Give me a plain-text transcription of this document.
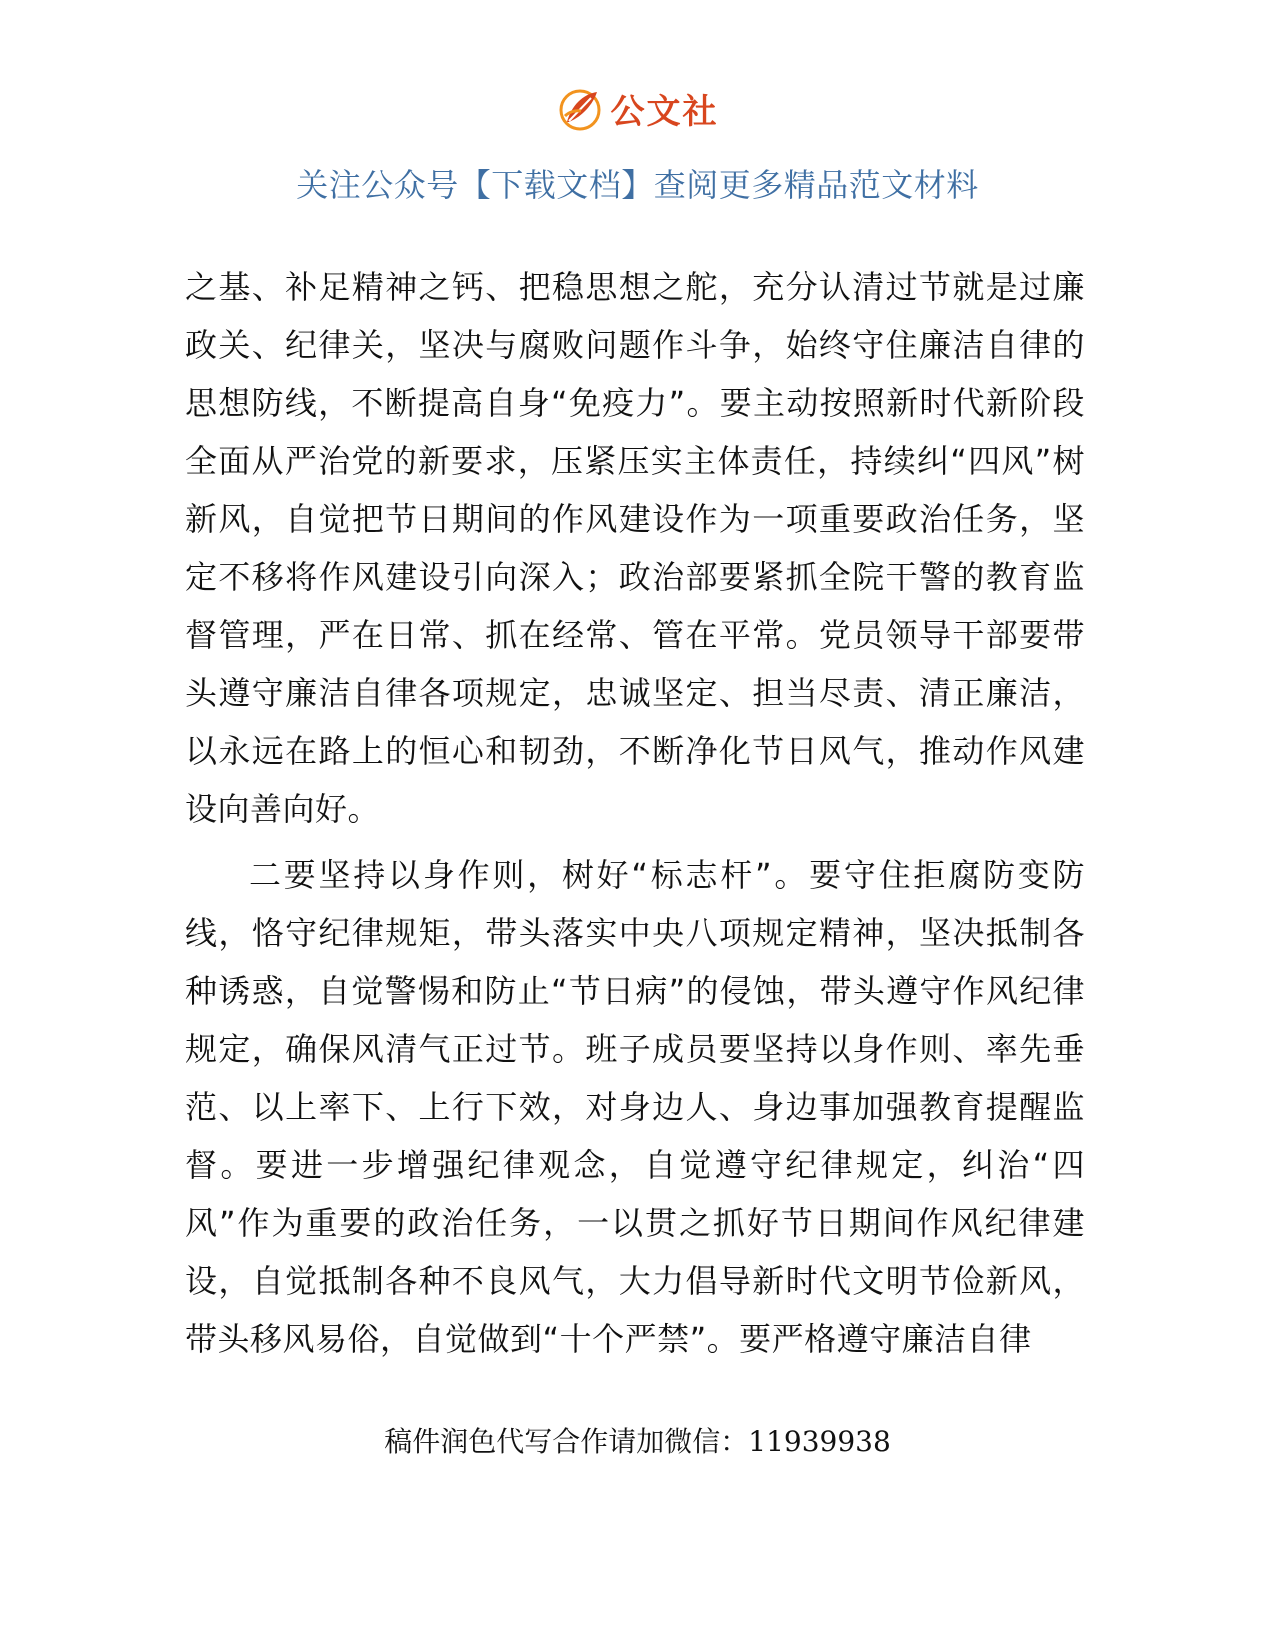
公文社
关注公众号【下载文档】查阅更多精品范文材料

之基、补足精神之钙、把稳思想之舵，充分认清过节就是过廉政关、纪律关，坚决与腐败问题作斗争，始终守住廉洁自律的思想防线，不断提高自身“免疫力”。要主动按照新时代新阶段全面从严治党的新要求，压紧压实主体责任，持续纠“四风”树新风，自觉把节日期间的作风建设作为一项重要政治任务，坚定不移将作风建设引向深入；政治部要紧抓全院干警的教育监督管理，严在日常、抓在经常、管在平常。党员领导干部要带头遵守廉洁自律各项规定，忠诚坚定、担当尽责、清正廉洁，以永远在路上的恒心和韧劲，不断净化节日风气，推动作风建设向善向好。

二要坚持以身作则，树好“标志杆”。要守住拒腐防变防线，恪守纪律规矩，带头落实中央八项规定精神，坚决抵制各种诱惑，自觉警惕和防止“节日病”的侵蚀，带头遵守作风纪律规定，确保风清气正过节。班子成员要坚持以身作则、率先垂范、以上率下、上行下效，对身边人、身边事加强教育提醒监督。要进一步增强纪律观念，自觉遵守纪律规定，纠治“四风”作为重要的政治任务，一以贯之抓好节日期间作风纪律建设，自觉抵制各种不良风气，大力倡导新时代文明节俭新风，带头移风易俗，自觉做到“十个严禁”。要严格遵守廉洁自律

稿件润色代写合作请加微信：11939938
